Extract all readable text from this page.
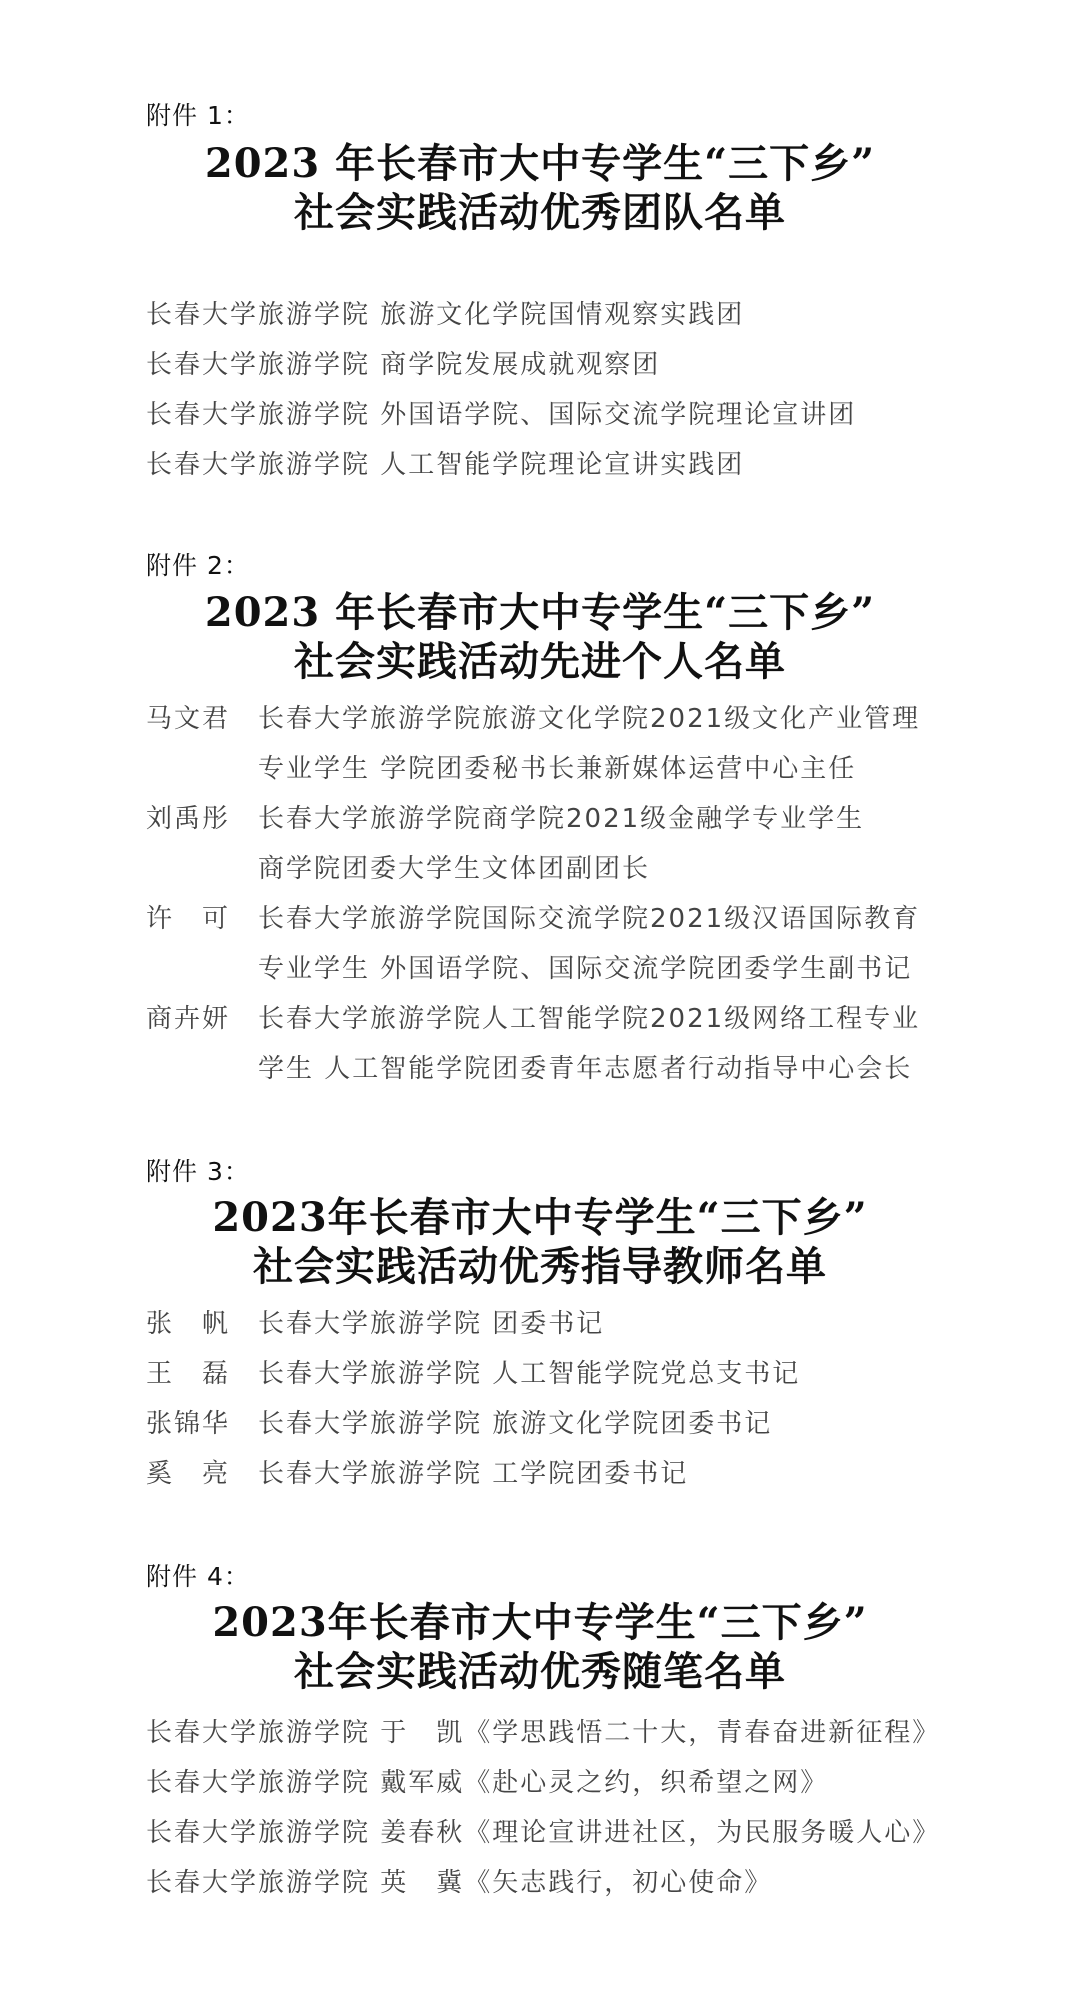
附件 1：
2023 年长春市大中专学生“三下乡”
社会实践活动优秀团队名单
长春大学旅游学院 旅游文化学院国情观察实践团
长春大学旅游学院 商学院发展成就观察团
长春大学旅游学院 外国语学院、国际交流学院理论宣讲团
长春大学旅游学院 人工智能学院理论宣讲实践团
附件 2：
2023 年长春市大中专学生“三下乡”
社会实践活动先进个人名单
马文君 长春大学旅游学院旅游文化学院2021级文化产业管理
专业学生 学院团委秘书长兼新媒体运营中心主任
刘禹彤 长春大学旅游学院商学院2021级金融学专业学生
商学院团委大学生文体团副团长
许　可 长春大学旅游学院国际交流学院2021级汉语国际教育
专业学生 外国语学院、国际交流学院团委学生副书记
商卉妍 长春大学旅游学院人工智能学院2021级网络工程专业
学生 人工智能学院团委青年志愿者行动指导中心会长
附件 3：
2023年长春市大中专学生“三下乡”
社会实践活动优秀指导教师名单
张　帆 长春大学旅游学院 团委书记
王　磊 长春大学旅游学院 人工智能学院党总支书记
张锦华 长春大学旅游学院 旅游文化学院团委书记
奚　亮 长春大学旅游学院 工学院团委书记
附件 4：
2023年长春市大中专学生“三下乡”
社会实践活动优秀随笔名单
长春大学旅游学院 于　凯《学思践悟二十大，青春奋进新征程》
长春大学旅游学院 戴军威《赴心灵之约，织希望之网》
长春大学旅游学院 姜春秋《理论宣讲进社区，为民服务暖人心》
长春大学旅游学院 英　冀《矢志践行，初心使命》
